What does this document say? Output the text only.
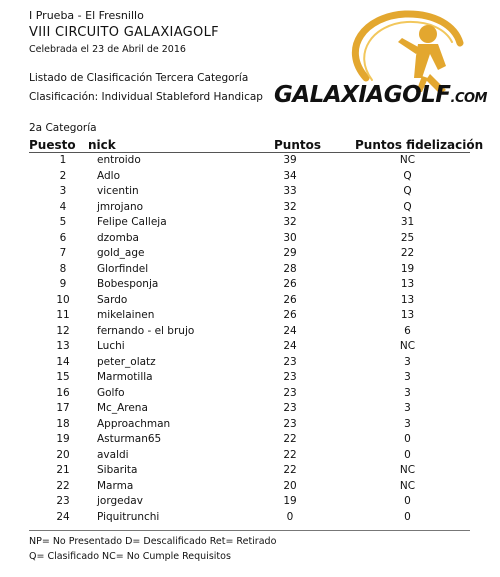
I Prueba - El Fresnillo
VIII CIRCUITO GALAXIAGOLF
Celebrada el 23 de Abril de 2016
Listado de Clasificación Tercera Categoría
Clasificación: Individual Stableford Handicap GALAXIAGOLF.COM
2a Categoría
Puesto nick	Puntos	Puntos fidelización
1	entroido	39	NC
2	Adlo	34	Q
3	vicentin	33	Q
4	jmrojano	32	Q
5	Felipe Calleja	32	31
6	dzomba	30	25
7	gold_age	29	22
8	Glorfindel	28	19
9	Bobesponja	26	13
10	Sardo	26	13
11	mikelainen	26	13
12	fernando - el brujo	24	6
13	Luchi	24	NC
14	peter_olatz	23	3
15	Marmotilla	23	3
16	Golfo	23	3
17	Mc_Arena	23	3
18	Approachman	23	3
19	Asturman65	22	0
20	avaldi	22	0
21	Sibarita	22	NC
22	Marma	20	NC
23	jorgedav	19	0
24	Piquitrunchi	0	0
NP= No Presentado D= Descalificado Ret= Retirado
Q= Clasificado NC= No Cumple Requisitos
